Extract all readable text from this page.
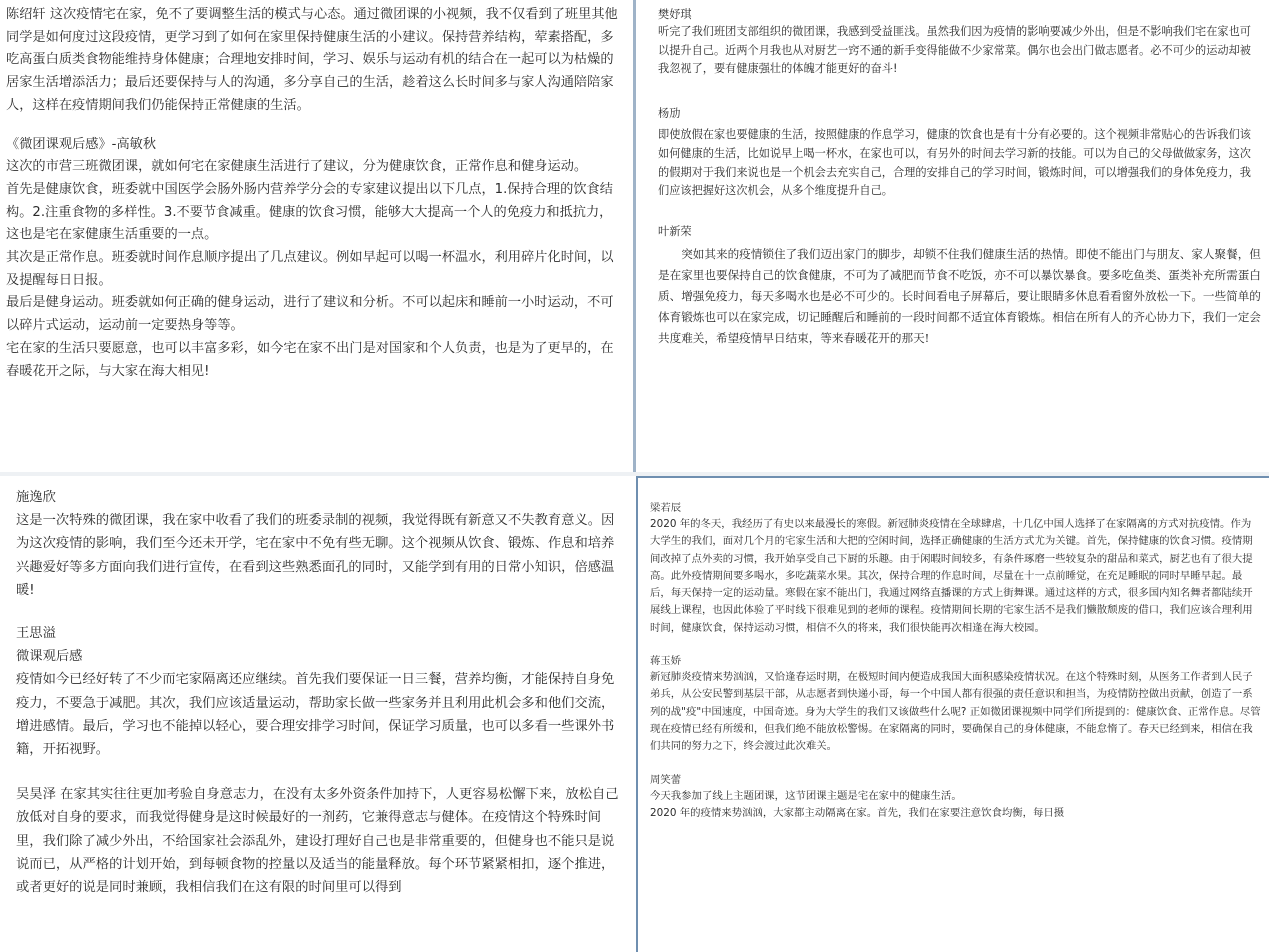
陈绍轩 这次疫情宅在家，免不了要调整生活的模式与心态。通过微团课的小视频，我不仅看到了班里其他同学是如何度过这段疫情，更学习到了如何在家里保持健康生活的小建议。保持营养结构，荤素搭配，多吃高蛋白质类食物能维持身体健康；合理地安排时间，学习、娱乐与运动有机的结合在一起可以为枯燥的居家生活增添活力；最后还要保持与人的沟通，多分享自己的生活，趁着这么长时间多与家人沟通陪陪家人，这样在疫情期间我们仍能保持正常健康的生活。

《微团课观后感》-高敏秋

这次的市营三班微团课，就如何宅在家健康生活进行了建议，分为健康饮食，正常作息和健身运动。

首先是健康饮食，班委就中国医学会肠外肠内营养学分会的专家建议提出以下几点，1.保持合理的饮食结构。2.注重食物的多样性。3.不要节食减重。健康的饮食习惯，能够大大提高一个人的免疫力和抵抗力，这也是宅在家健康生活重要的一点。

其次是正常作息。班委就时间作息顺序提出了几点建议。例如早起可以喝一杯温水，利用碎片化时间，以及提醒每日日报。

最后是健身运动。班委就如何正确的健身运动，进行了建议和分析。不可以起床和睡前一小时运动，不可以碎片式运动，运动前一定要热身等等。

宅在家的生活只要愿意，也可以丰富多彩，如今宅在家不出门是对国家和个人负责，也是为了更早的，在春暖花开之际，与大家在海大相见!

樊妤琪

听完了我们班团支部组织的微团课，我感到受益匪浅。虽然我们因为疫情的影响要减少外出，但是不影响我们宅在家也可以提升自己。近两个月我也从对厨艺一窍不通的新手变得能做不少家常菜。偶尔也会出门做志愿者。必不可少的运动却被我忽视了，要有健康强壮的体魄才能更好的奋斗!

杨劢

即使放假在家也要健康的生活，按照健康的作息学习，健康的饮食也是有十分有必要的。这个视频非常贴心的告诉我们该如何健康的生活，比如说早上喝一杯水，在家也可以，有另外的时间去学习新的技能。可以为自己的父母做做家务，这次的假期对于我们来说也是一个机会去充实自己，合理的安排自己的学习时间，锻炼时间，可以增强我们的身体免疫力，我们应该把握好这次机会，从多个维度提升自己。

叶新荣

突如其来的疫情锁住了我们迈出家门的脚步，却锁不住我们健康生活的热情。即使不能出门与朋友、家人聚餐，但是在家里也要保持自己的饮食健康，不可为了减肥而节食不吃饭，亦不可以暴饮暴食。要多吃鱼类、蛋类补充所需蛋白质、增强免疫力，每天多喝水也是必不可少的。长时间看电子屏幕后，要让眼睛多休息看看窗外放松一下。一些简单的体育锻炼也可以在家完成，切记睡醒后和睡前的一段时间都不适宜体育锻炼。相信在所有人的齐心协力下，我们一定会共度难关，希望疫情早日结束，等来春暖花开的那天!

施逸欣

这是一次特殊的微团课，我在家中收看了我们的班委录制的视频，我觉得既有新意又不失教育意义。因为这次疫情的影响，我们至今还未开学，宅在家中不免有些无聊。这个视频从饮食、锻炼、作息和培养兴趣爱好等多方面向我们进行宣传，在看到这些熟悉面孔的同时，又能学到有用的日常小知识，倍感温暖!

王思溢

微课观后感

疫情如今已经好转了不少而宅家隔离还应继续。首先我们要保证一日三餐，营养均衡，才能保持自身免疫力，不要急于减肥。其次，我们应该适量运动，帮助家长做一些家务并且利用此机会多和他们交流，增进感情。最后，学习也不能掉以轻心，要合理安排学习时间，保证学习质量，也可以多看一些课外书籍，开拓视野。

吴昊泽 在家其实往往更加考验自身意志力，在没有太多外资条件加持下，人更容易松懈下来，放松自己 放低对自身的要求，而我觉得健身是这时候最好的一剂药，它兼得意志与健体。在疫情这个特殊时间里，我们除了减少外出，不给国家社会添乱外，建设打理好自己也是非常重要的，但健身也不能只是说说而已，从严格的计划开始，到每顿食物的控量以及适当的能量释放。每个环节紧紧相扣，逐个推进，或者更好的说是同时兼顾，我相信我们在这有限的时间里可以得到

梁若辰

2020 年的冬天，我经历了有史以来最漫长的寒假。新冠肺炎疫情在全球肆虐，十几亿中国人选择了在家隔离的方式对抗疫情。作为大学生的我们，面对几个月的宅家生活和大把的空闲时间，选择正确健康的生活方式尤为关键。首先，保持健康的饮食习惯。疫情期间改掉了点外卖的习惯，我开始享受自己下厨的乐趣。由于闲暇时间较多，有条件琢磨一些较复杂的甜品和菜式，厨艺也有了很大提高。此外疫情期间要多喝水，多吃蔬菜水果。其次，保持合理的作息时间，尽量在十一点前睡觉，在充足睡眠的同时早睡早起。最后，每天保持一定的运动量。寒假在家不能出门，我通过网络直播课的方式上街舞课。通过这样的方式，很多国内知名舞者都陆续开展线上课程，也因此体验了平时线下很难见到的老师的课程。疫情期间长期的宅家生活不是我们懒散颓废的借口，我们应该合理利用时间，健康饮食，保持运动习惯，相信不久的将来，我们很快能再次相逢在海大校园。

蒋玉娇

新冠肺炎疫情来势汹汹，又恰逢春运时期，在极短时间内便造成我国大面积感染疫情状况。在这个特殊时刻，从医务工作者到人民子弟兵，从公安民警到基层干部，从志愿者到快递小哥，每一个中国人都有很强的责任意识和担当，为疫情防控做出贡献，创造了一系列的战"疫"中国速度，中国奇迹。身为大学生的我们又该做些什么呢? 正如微团课视频中同学们所提到的：健康饮食、正常作息。尽管现在疫情已经有所缓和，但我们绝不能放松警惕。在家隔离的同时，要确保自己的身体健康，不能怠惰了。春天已经到来，相信在我们共同的努力之下，终会渡过此次难关。

周笑蕾

今天我参加了线上主题团课，这节团课主题是宅在家中的健康生活。

2020 年的疫情来势汹汹，大家都主动隔离在家。首先，我们在家要注意饮食均衡，每日摄
